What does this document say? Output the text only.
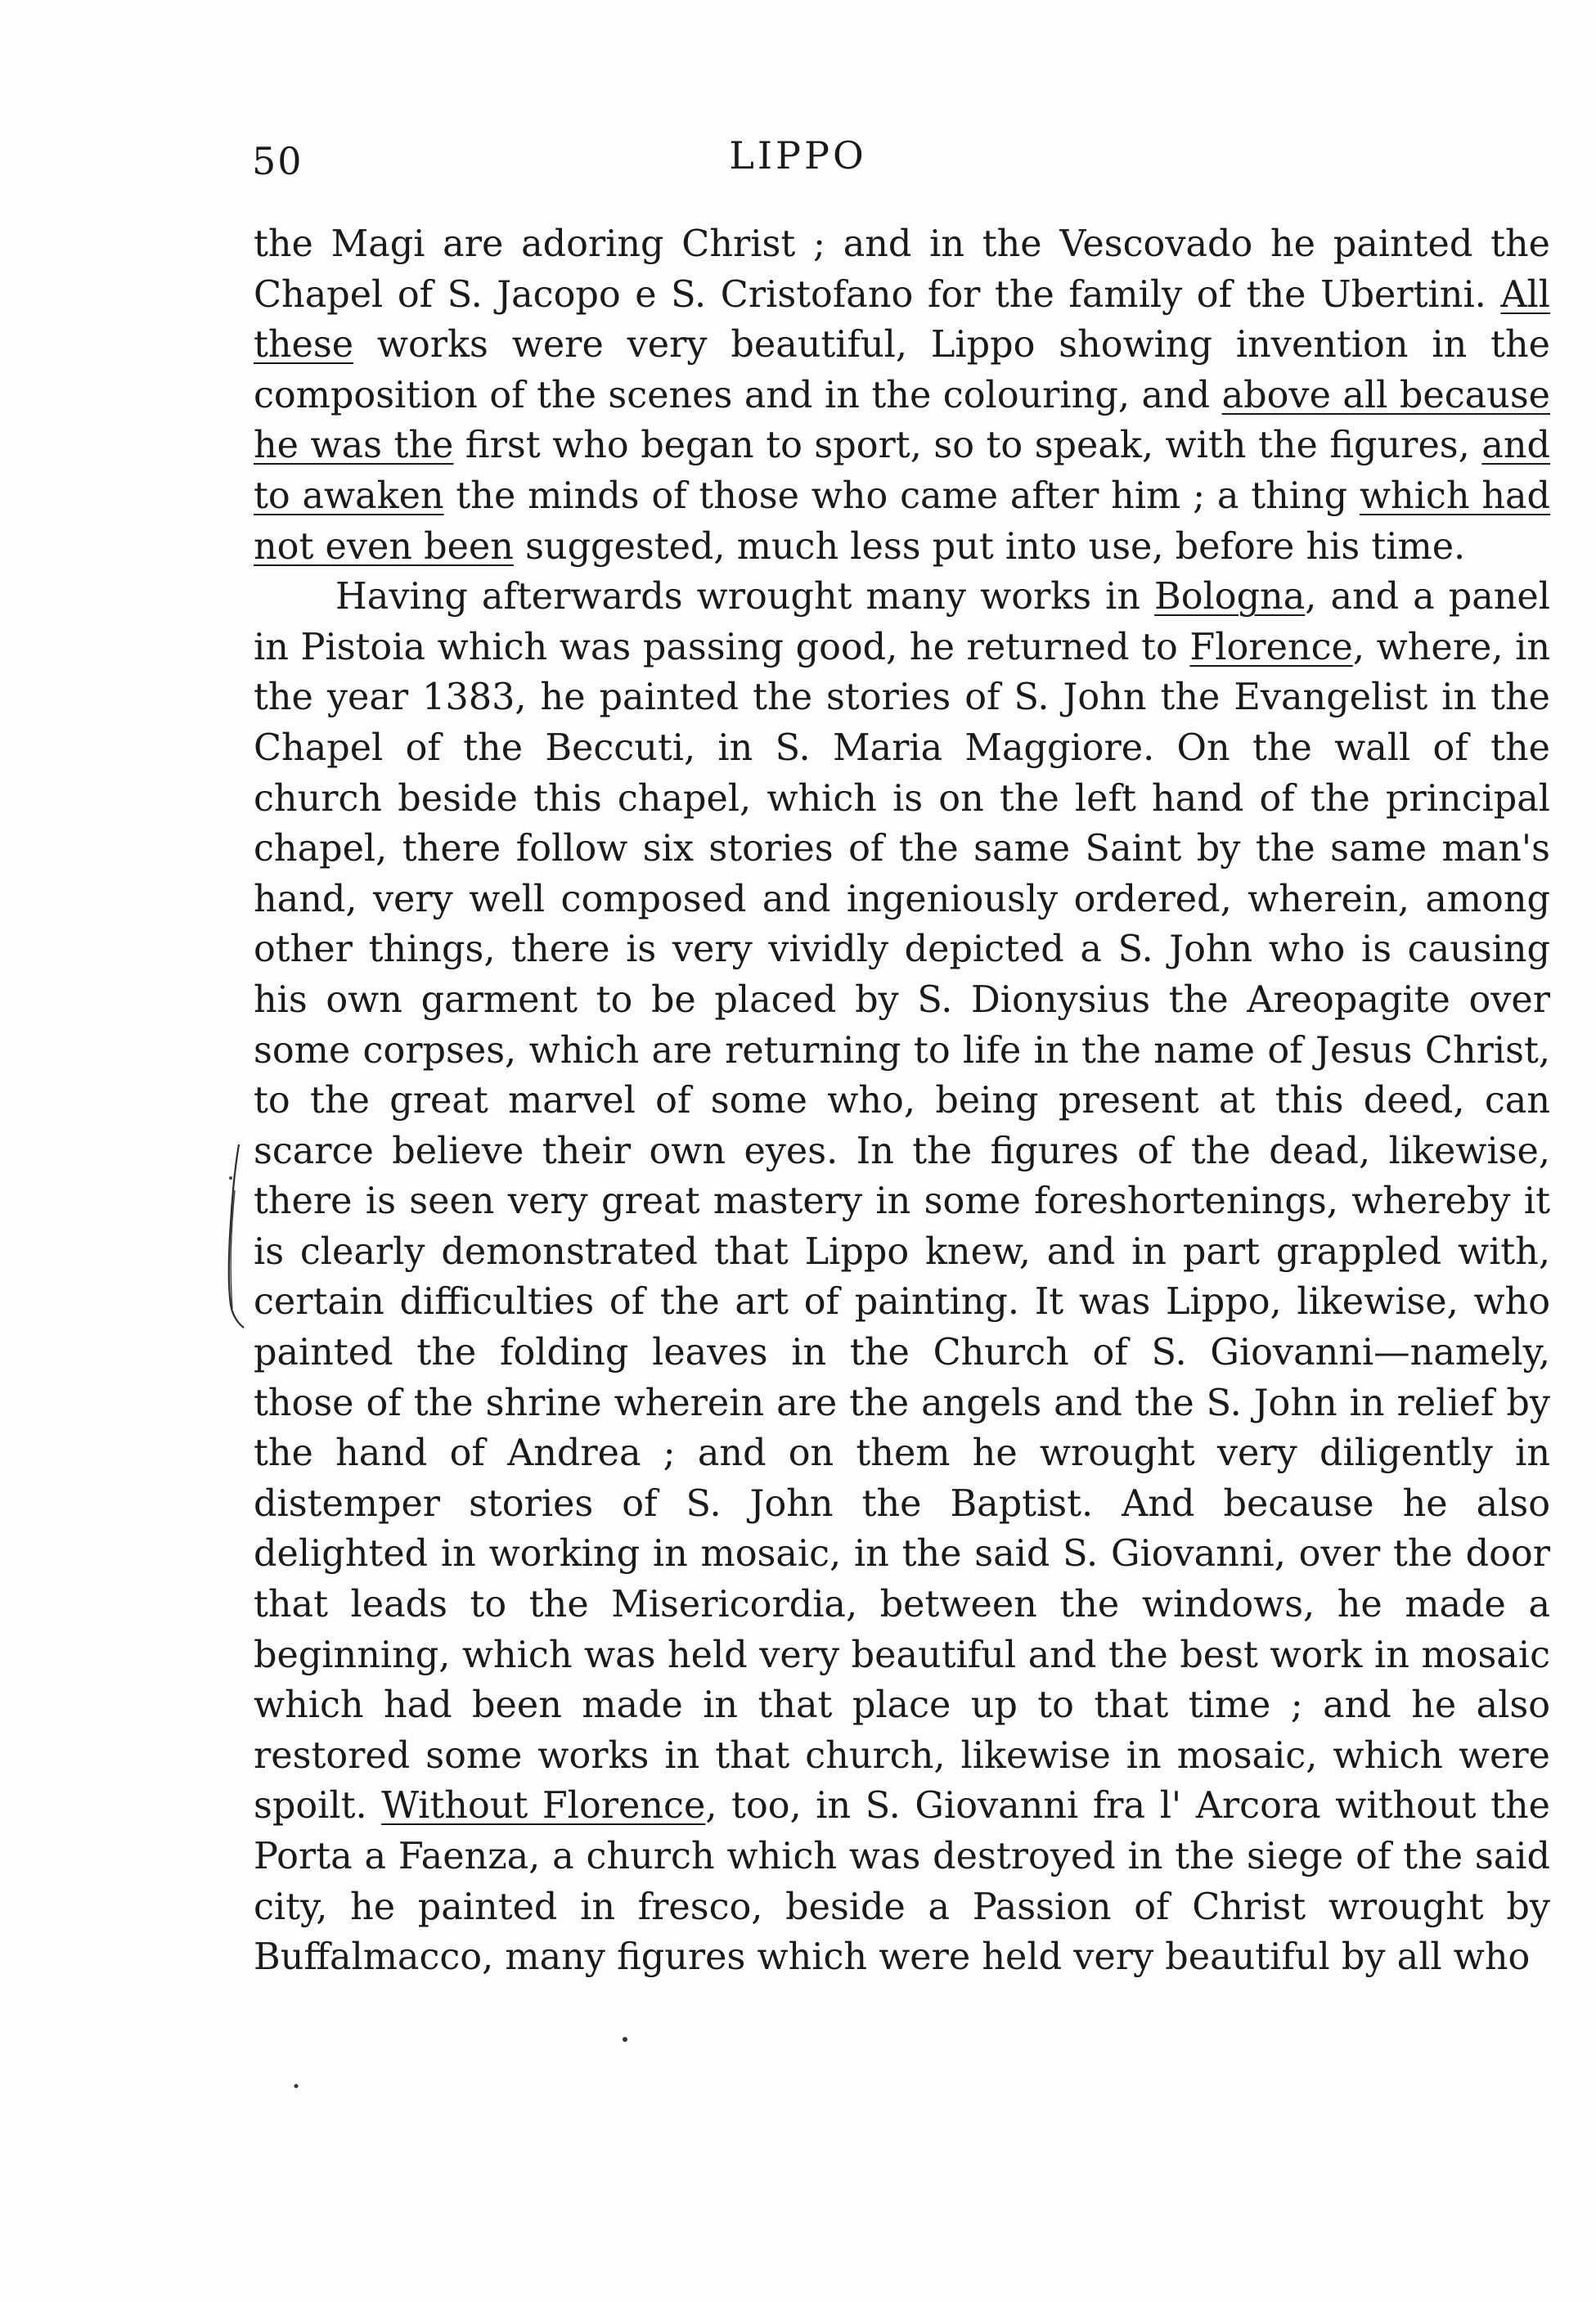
50	LIPPO

the Magi are adoring Christ ; and in the Vescovado he painted the Chapel of S. Jacopo e S. Cristofano for the family of the Ubertini. All these works were very beautiful, Lippo showing invention in the composition of the scenes and in the colouring, and above all because he was the first who began to sport, so to speak, with the figures, and to awaken the minds of those who came after him ; a thing which had not even been suggested, much less put into use, before his time.

Having afterwards wrought many works in Bologna, and a panel in Pistoia which was passing good, he returned to Florence, where, in the year 1383, he painted the stories of S. John the Evangelist in the Chapel of the Beccuti, in S. Maria Maggiore. On the wall of the church beside this chapel, which is on the left hand of the principal chapel, there follow six stories of the same Saint by the same man's hand, very well composed and ingeniously ordered, wherein, among other things, there is very vividly depicted a S. John who is causing his own garment to be placed by S. Dionysius the Areopagite over some corpses, which are returning to life in the name of Jesus Christ, to the great marvel of some who, being present at this deed, can scarce believe their own eyes. In the figures of the dead, likewise, there is seen very great mastery in some foreshortenings, whereby it is clearly demonstrated that Lippo knew, and in part grappled with, certain difficulties of the art of painting. It was Lippo, likewise, who painted the folding leaves in the Church of S. Giovanni—namely, those of the shrine wherein are the angels and the S. John in relief by the hand of Andrea ; and on them he wrought very diligently in distemper stories of S. John the Baptist. And because he also delighted in working in mosaic, in the said S. Giovanni, over the door that leads to the Misericordia, between the windows, he made a beginning, which was held very beautiful and the best work in mosaic which had been made in that place up to that time ; and he also restored some works in that church, likewise in mosaic, which were spoilt. Without Florence, too, in S. Giovanni fra l' Arcora without the Porta a Faenza, a church which was destroyed in the siege of the said city, he painted in fresco, beside a Passion of Christ wrought by Buffalmacco, many figures which were held very beautiful by all who
